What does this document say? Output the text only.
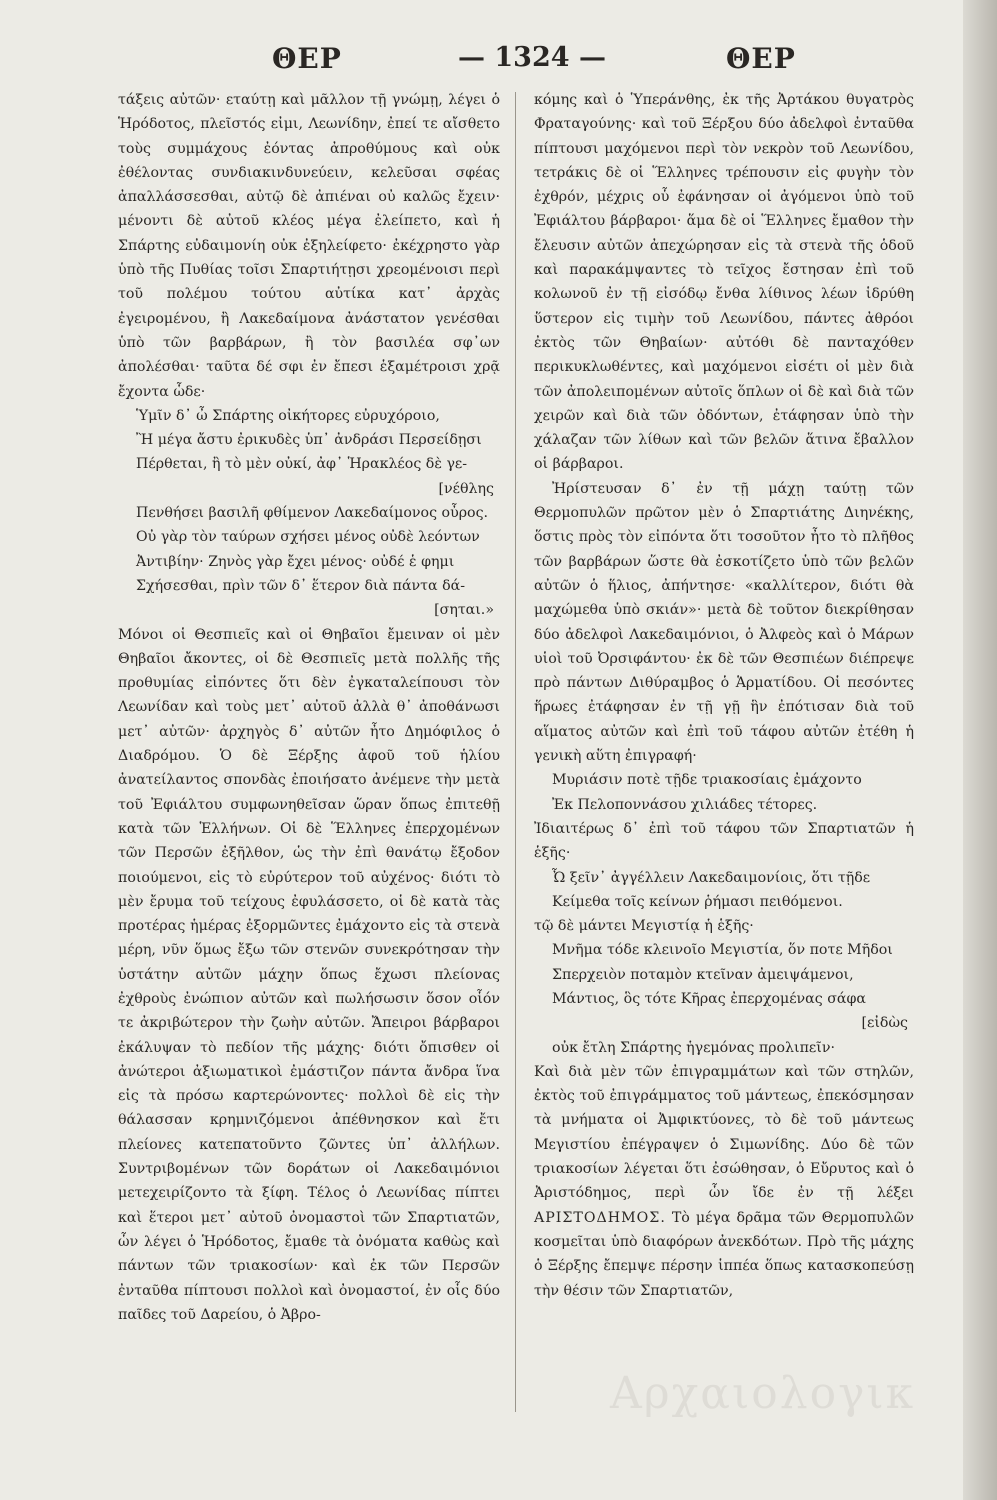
ΘΕΡ	— 1324 —	ΘΕΡ

τάξεις αὐτῶν· εταύτῃ καὶ μᾶλλον τῇ γνώμῃ, λέγει ὁ Ἡρόδοτος, πλεῖστός εἰμι, Λεωνίδην, ἐπεί τε αἴσθετο τοὺς συμμάχους ἐόντας ἀπροθύμους καὶ οὐκ ἐθέλοντας συνδιακινδυνεύειν, κελεῦσαι σφέας ἀπαλλάσσεσθαι, αὐτῷ δὲ ἀπιέναι οὐ καλῶς ἔχειν· μένοντι δὲ αὐτοῦ κλέος μέγα ἐλείπετο, καὶ ἡ Σπάρτης εὐδαιμονίη οὐκ ἐξηλείφετο· ἐκέχρηστο γὰρ ὑπὸ τῆς Πυθίας τοῖσι Σπαρτιήτῃσι χρεομένοισι περὶ τοῦ πολέμου τούτου αὐτίκα κατ᾽ ἀρχὰς ἐγειρομένου, ἢ Λακεδαίμονα ἀνάστατον γενέσθαι ὑπὸ τῶν βαρβάρων, ἢ τὸν βασιλέα σφ᾽ων ἀπολέσθαι· ταῦτα δέ σφι ἐν ἔπεσι ἑξαμέτροισι χρᾷ ἔχοντα ὧδε·

Ὑμῖν δ᾽ ὦ Σπάρτης οἰκήτορες εὐρυχόροιο,
Ἢ μέγα ἄστυ ἐρικυδὲς ὑπ᾽ ἀνδράσι Περσείδῃσι
Πέρθεται, ἢ τὸ μὲν οὐκί, ἀφ᾽ Ἡρακλέος δὲ γε-
[νέθλης
Πενθήσει βασιλῆ φθίμενον Λακεδαίμονος οὖρος.
Οὐ γὰρ τὸν ταύρων σχήσει μένος οὐδὲ λεόντων
Ἀντιβίην· Ζηνὸς γὰρ ἔχει μένος· οὐδέ ἑ φημι
Σχήσεσθαι, πρὶν τῶν δ᾽ ἕτερον διὰ πάντα δά-
[σηται.»

Μόνοι οἱ Θεσπιεῖς καὶ οἱ Θηβαῖοι ἔμειναν οἱ μὲν Θηβαῖοι ἄκοντες, οἱ δὲ Θεσπιεῖς μετὰ πολλῆς τῆς προθυμίας εἰπόντες ὅτι δὲν ἐγκαταλείπουσι τὸν Λεωνίδαν καὶ τοὺς μετ᾽ αὐτοῦ ἀλλὰ θ᾽ ἀποθάνωσι μετ᾽ αὐτῶν· ἀρχηγὸς δ᾽ αὐτῶν ἦτο Δημόφιλος ὁ Διαδρόμου. Ὁ δὲ Ξέρξης ἀφοῦ τοῦ ἡλίου ἀνατείλαντος σπονδὰς ἐποιήσατο ἀνέμενε τὴν μετὰ τοῦ Ἐφιάλτου συμφωνηθεῖσαν ὥραν ὅπως ἐπιτεθῇ κατὰ τῶν Ἑλλήνων. Οἱ δὲ Ἕλληνες ἐπερχομένων τῶν Περσῶν ἐξῆλθον, ὡς τὴν ἐπὶ θανάτῳ ἔξοδον ποιούμενοι, εἰς τὸ εὐρύτερον τοῦ αὐχένος· διότι τὸ μὲν ἔρυμα τοῦ τείχους ἐφυλάσσετο, οἱ δὲ κατὰ τὰς προτέρας ἡμέρας ἐξορμῶντες ἐμάχοντο εἰς τὰ στενὰ μέρη, νῦν ὅμως ἔξω τῶν στενῶν συνεκρότησαν τὴν ὑστάτην αὐτῶν μάχην ὅπως ἔχωσι πλείονας ἐχθροὺς ἐνώπιον αὐτῶν καὶ πωλήσωσιν ὅσον οἷόν τε ἀκριβώτερον τὴν ζωὴν αὐτῶν. Ἄπειροι βάρβαροι ἐκάλυψαν τὸ πεδίον τῆς μάχης· διότι ὄπισθεν οἱ ἀνώτεροι ἀξιωματικοὶ ἐμάστιζον πάντα ἄνδρα ἵνα εἰς τὰ πρόσω καρτερώνοντες· πολλοὶ δὲ εἰς τὴν θάλασσαν κρημνιζόμενοι ἀπέθνησκον καὶ ἔτι πλείονες κατεπατοῦντο ζῶντες ὑπ᾽ ἀλλήλων. Συντριβομένων τῶν δοράτων οἱ Λακεδαιμόνιοι μετεχειρίζοντο τὰ ξίφη. Τέλος ὁ Λεωνίδας πίπτει καὶ ἕτεροι μετ᾽ αὐτοῦ ὀνομαστοὶ τῶν Σπαρτιατῶν, ὧν λέγει ὁ Ἡρόδοτος, ἔμαθε τὰ ὀνόματα καθὼς καὶ πάντων τῶν τριακοσίων· καὶ ἐκ τῶν Περσῶν ἐνταῦθα πίπτουσι πολλοὶ καὶ ὀνομαστοί, ἐν οἷς δύο παῖδες τοῦ Δαρείου, ὁ Ἀβρο-

κόμης καὶ ὁ Ὑπεράνθης, ἐκ τῆς Ἀρτάκου θυγατρὸς Φραταγούνης· καὶ τοῦ Ξέρξου δύο ἀδελφοὶ ἐνταῦθα πίπτουσι μαχόμενοι περὶ τὸν νεκρὸν τοῦ Λεωνίδου, τετράκις δὲ οἱ Ἕλληνες τρέπουσιν εἰς φυγὴν τὸν ἐχθρόν, μέχρις οὗ ἐφάνησαν οἱ ἀγόμενοι ὑπὸ τοῦ Ἐφιάλτου βάρβαροι· ἅμα δὲ οἱ Ἕλληνες ἔμαθον τὴν ἔλευσιν αὐτῶν ἀπεχώρησαν εἰς τὰ στενὰ τῆς ὁδοῦ καὶ παρακάμψαντες τὸ τεῖχος ἔστησαν ἐπὶ τοῦ κολωνοῦ ἐν τῇ εἰσόδῳ ἔνθα λίθινος λέων ἱδρύθη ὕστερον εἰς τιμὴν τοῦ Λεωνίδου, πάντες ἀθρόοι ἐκτὸς τῶν Θηβαίων· αὐτόθι δὲ πανταχόθεν περικυκλωθέντες, καὶ μαχόμενοι εἰσέτι οἱ μὲν διὰ τῶν ἀπολειπομένων αὐτοῖς ὅπλων οἱ δὲ καὶ διὰ τῶν χειρῶν καὶ διὰ τῶν ὀδόντων, ἐτάφησαν ὑπὸ τὴν χάλαζαν τῶν λίθων καὶ τῶν βελῶν ἅτινα ἔβαλλον οἱ βάρβαροι.

Ἠρίστευσαν δ᾽ ἐν τῇ μάχῃ ταύτῃ τῶν Θερμοπυλῶν πρῶτον μὲν ὁ Σπαρτιάτης Διηνέκης, ὅστις πρὸς τὸν εἰπόντα ὅτι τοσοῦτον ἦτο τὸ πλῆθος τῶν βαρβάρων ὥστε θὰ ἐσκοτίζετο ὑπὸ τῶν βελῶν αὐτῶν ὁ ἥλιος, ἀπήντησε· «καλλίτερον, διότι θὰ μαχώμεθα ὑπὸ σκιάν»· μετὰ δὲ τοῦτον διεκρίθησαν δύο ἀδελφοὶ Λακεδαιμόνιοι, ὁ Ἀλφεὸς καὶ ὁ Μάρων υἱοὶ τοῦ Ὀρσιφάντου· ἐκ δὲ τῶν Θεσπιέων διέπρεψε πρὸ πάντων Διθύραμβος ὁ Ἁρματίδου. Οἱ πεσόντες ἥρωες ἐτάφησαν ἐν τῇ γῇ ἣν ἐπότισαν διὰ τοῦ αἵματος αὐτῶν καὶ ἐπὶ τοῦ τάφου αὐτῶν ἐτέθη ἡ γενικὴ αὕτη ἐπιγραφή·

Μυριάσιν ποτὲ τῇδε τριακοσίαις ἐμάχοντο
Ἐκ Πελοποννάσου χιλιάδες τέτορες.

Ἰδιαιτέρως δ᾽ ἐπὶ τοῦ τάφου τῶν Σπαρτιατῶν ἡ ἑξῆς·

Ὦ ξεῖν᾽ ἀγγέλλειν Λακεδαιμονίοις, ὅτι τῇδε
Κείμεθα τοῖς κείνων ῥήμασι πειθόμενοι.

τῷ δὲ μάντει Μεγιστίᾳ ἡ ἑξῆς·

Μνῆμα τόδε κλεινοῖο Μεγιστία, ὅν ποτε Μῆδοι
Σπερχειὸν ποταμὸν κτεῖναν ἀμειψάμενοι,
Μάντιος, ὃς τότε Κῆρας ἐπερχομένας σάφα
[εἰδὼς
οὐκ ἔτλη Σπάρτης ἡγεμόνας προλιπεῖν·

Καὶ διὰ μὲν τῶν ἐπιγραμμάτων καὶ τῶν στηλῶν, ἐκτὸς τοῦ ἐπιγράμματος τοῦ μάντεως, ἐπεκόσμησαν τὰ μνήματα οἱ Ἀμφικτύονες, τὸ δὲ τοῦ μάντεως Μεγιστίου ἐπέγραψεν ὁ Σιμωνίδης. Δύο δὲ τῶν τριακοσίων λέγεται ὅτι ἐσώθησαν, ὁ Εὔρυτος καὶ ὁ Ἀριστόδημος, περὶ ὧν ἴδε ἐν τῇ λέξει ΑΡΙΣΤΟΔΗΜΟΣ. Τὸ μέγα δρᾶμα τῶν Θερμοπυλῶν κοσμεῖται ὑπὸ διαφόρων ἀνεκδότων. Πρὸ τῆς μάχης ὁ Ξέρξης ἔπεμψε πέρσην ἱππέα ὅπως κατασκοπεύσῃ τὴν θέσιν τῶν Σπαρτιατῶν,

Αρχαιολογικ
